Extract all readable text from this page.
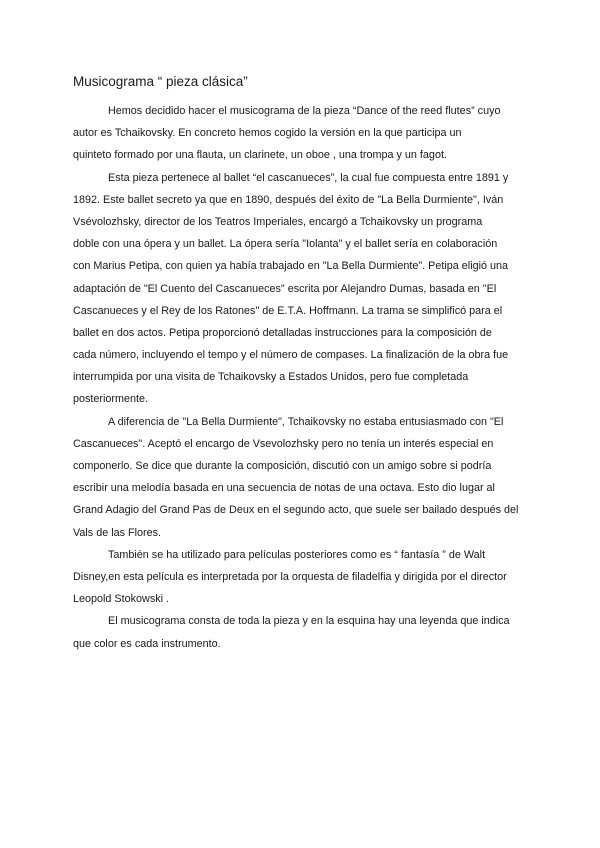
Musicograma “ pieza clásica”

Hemos decidido hacer el musicograma de la pieza “Dance of the reed flutes” cuyo
autor es Tchaikovsky. En concreto hemos cogido la versión en la que participa un
quinteto formado por una flauta, un clarinete, un oboe , una trompa y un fagot.

Esta pieza pertenece al ballet “el cascanueces”, la cual fue compuesta entre 1891 y
1892. Este ballet secreto ya que en 1890, después del éxito de "La Bella Durmiente", Iván
Vsévolozhsky, director de los Teatros Imperiales, encargó a Tchaikovsky un programa
doble con una ópera y un ballet. La ópera sería "Iolanta" y el ballet sería en colaboración
con Marius Petipa, con quien ya había trabajado en "La Bella Durmiente". Petipa eligió una
adaptación de "El Cuento del Cascanueces" escrita por Alejandro Dumas, basada en "El
Cascanueces y el Rey de los Ratones" de E.T.A. Hoffmann. La trama se simplificó para el
ballet en dos actos. Petipa proporcionó detalladas instrucciones para la composición de
cada número, incluyendo el tempo y el número de compases. La finalización de la obra fue
interrumpida por una visita de Tchaikovsky a Estados Unidos, pero fue completada
posteriormente.

A diferencia de "La Bella Durmiente", Tchaikovsky no estaba entusiasmado con "El
Cascanueces". Aceptó el encargo de Vsevolozhsky pero no tenía un interés especial en
componerlo. Se dice que durante la composición, discutió con un amigo sobre si podría
escribir una melodía basada en una secuencia de notas de una octava. Esto dio lugar al
Grand Adagio del Grand Pas de Deux en el segundo acto, que suele ser bailado después del
Vals de las Flores.

También se ha utilizado para películas posteriores como es “ fantasía ” de Walt
Disney,en esta película es interpretada por la orquesta de filadelfia y dirigida por el director
Leopold Stokowski .

El musicograma consta de toda la pieza y en la esquina hay una leyenda que indica
que color es cada instrumento.
